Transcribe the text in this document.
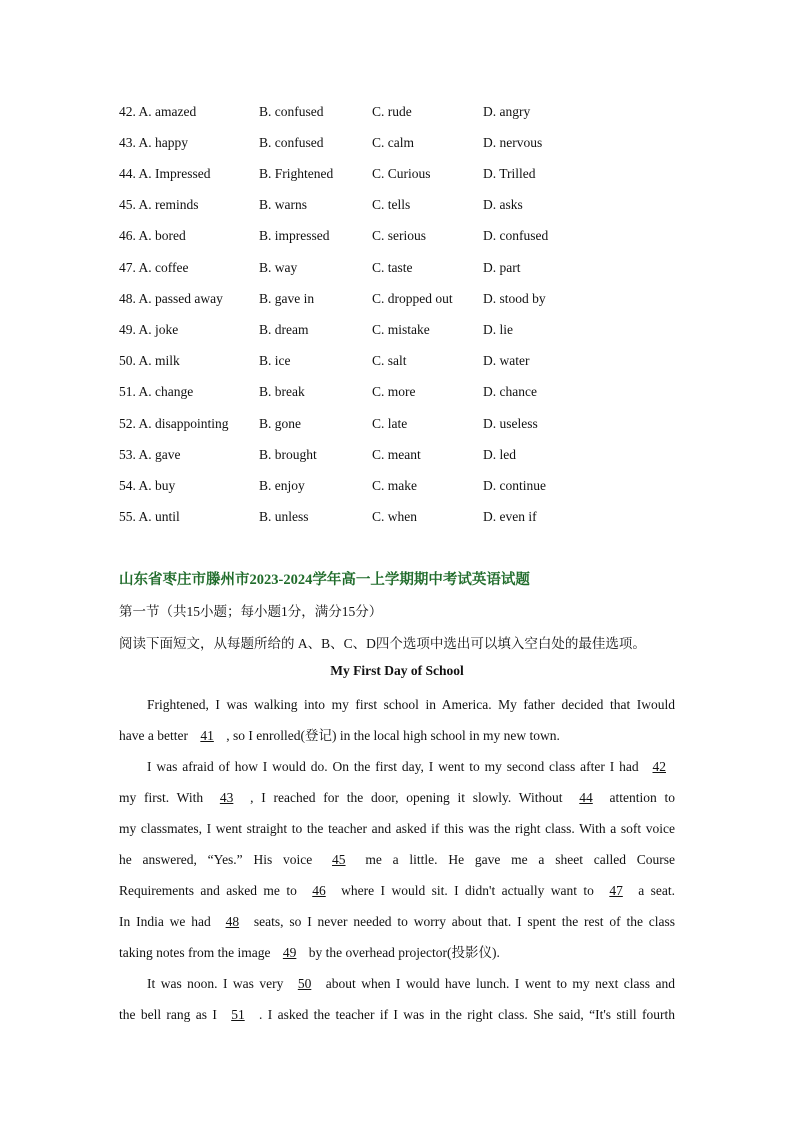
42. A. amazed	B. confused	C. rude	D. angry
43. A. happy	B. confused	C. calm	D. nervous
44. A. Impressed	B. Frightened	C. Curious	D. Trilled
45. A. reminds	B. warns	C. tells	D. asks
46. A. bored	B. impressed	C. serious	D. confused
47. A. coffee	B. way	C. taste	D. part
48. A. passed away	B. gave in	C. dropped out D. stood by
49. A. joke	B. dream	C. mistake	D. lie
50. A. milk	B. ice	C. salt	D. water
51. A. change	B. break	C. more	D. chance
52. A. disappointing B. gone	C. late	D. useless
53. A. gave	B. brought	C. meant	D. led
54. A. buy	B. enjoy	C. make	D. continue
55. A. until	B. unless	C. when	D. even if
山东省枣庄市滕州市2023-2024学年高一上学期期中考试英语试题
第一节（共15小题；每小题1分，满分15分）
阅读下面短文，从每题所给的 A、B、C、D四个选项中选出可以填入空白处的最佳选项。
My First Day of School
Frightened, I was walking into my first school in America. My father decided that Iwould
have a better 41 , so I enrolled(登记) in the local high school in my new town.
I was afraid of how I would do. On the first day, I went to my second class after I had 42
my first. With 43 , I reached for the door, opening it slowly. Without 44 attention to
my classmates, I went straight to the teacher and asked if this was the right class. With a soft voice
he answered, “Yes.” His voice 45 me a little. He gave me a sheet called Course
Requirements and asked me to 46 where I would sit. I didn't actually want to 47 a seat.
In India we had 48 seats, so I never needed to worry about that. I spent the rest of the class
taking notes from the image 49 by the overhead projector(投影仪).
It was noon. I was very 50 about when I would have lunch. I went to my next class and
the bell rang as I 51 . I asked the teacher if I was in the right class. She said, “It's still fourth
